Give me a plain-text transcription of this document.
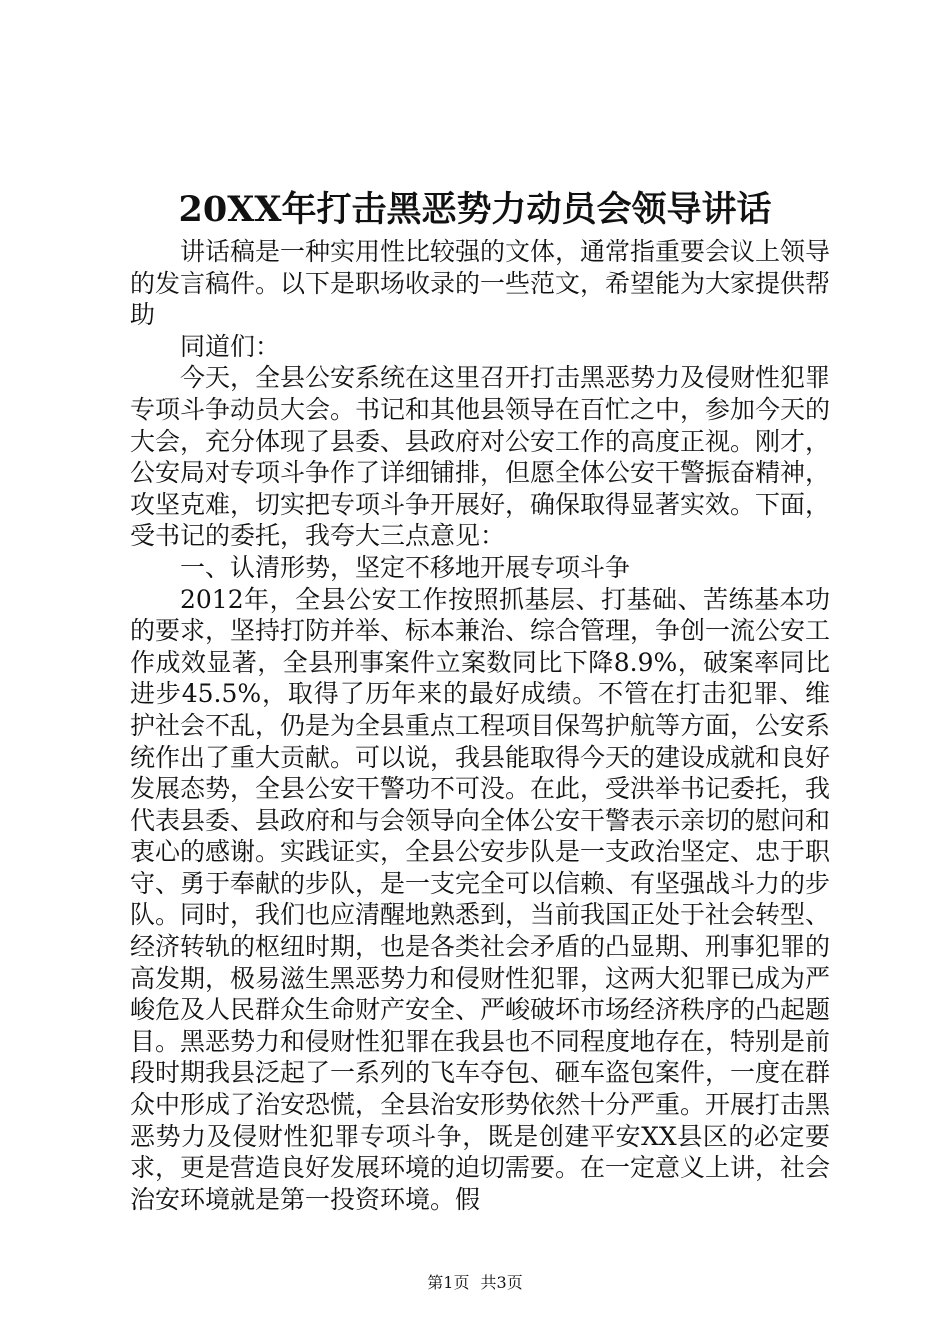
20XX年打击黑恶势力动员会领导讲话

讲话稿是一种实用性比较强的文体，通常指重要会议上领导的发言稿件。以下是职场收录的一些范文，希望能为大家提供帮助

同道们：

今天，全县公安系统在这里召开打击黑恶势力及侵财性犯罪专项斗争动员大会。书记和其他县领导在百忙之中，参加今天的大会，充分体现了县委、县政府对公安工作的高度正视。刚才，公安局对专项斗争作了详细铺排，但愿全体公安干警振奋精神，攻坚克难，切实把专项斗争开展好，确保取得显著实效。下面，受书记的委托，我夸大三点意见：

一、认清形势，坚定不移地开展专项斗争

2012年，全县公安工作按照抓基层、打基础、苦练基本功的要求，坚持打防并举、标本兼治、综合管理，争创一流公安工作成效显著，全县刑事案件立案数同比下降8.9%，破案率同比进步45.5%，取得了历年来的最好成绩。不管在打击犯罪、维护社会不乱，仍是为全县重点工程项目保驾护航等方面，公安系统作出了重大贡献。可以说，我县能取得今天的建设成就和良好发展态势，全县公安干警功不可没。在此，受洪举书记委托，我代表县委、县政府和与会领导向全体公安干警表示亲切的慰问和衷心的感谢。实践证实，全县公安步队是一支政治坚定、忠于职守、勇于奉献的步队，是一支完全可以信赖、有坚强战斗力的步队。同时，我们也应清醒地熟悉到，当前我国正处于社会转型、经济转轨的枢纽时期，也是各类社会矛盾的凸显期、刑事犯罪的高发期，极易滋生黑恶势力和侵财性犯罪，这两大犯罪已成为严峻危及人民群众生命财产安全、严峻破坏市场经济秩序的凸起题目。黑恶势力和侵财性犯罪在我县也不同程度地存在，特别是前段时期我县泛起了一系列的飞车夺包、砸车盗包案件，一度在群众中形成了治安恐慌，全县治安形势依然十分严重。开展打击黑恶势力及侵财性犯罪专项斗争，既是创建平安XX县区的必定要求，更是营造良好发展环境的迫切需要。在一定意义上讲，社会治安环境就是第一投资环境。假

第1页 共3页
